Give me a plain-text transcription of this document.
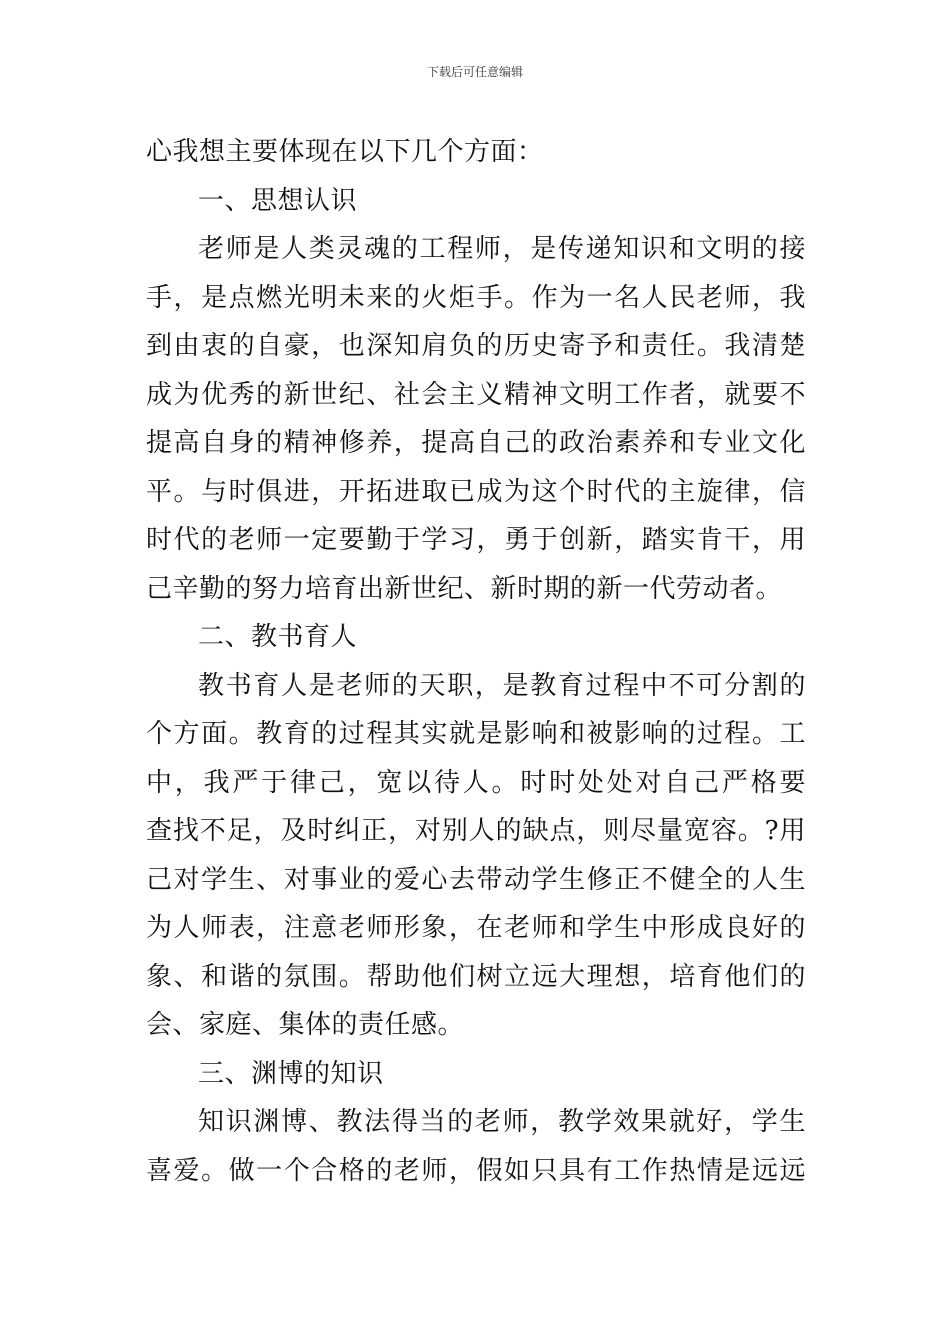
下载后可任意编辑
心我想主要体现在以下几个方面：
一、思想认识
老师是人类灵魂的工程师，是传递知识和文明的接
手，是点燃光明未来的火炬手。作为一名人民老师，我
到由衷的自豪，也深知肩负的历史寄予和责任。我清楚
成为优秀的新世纪、社会主义精神文明工作者，就要不
提高自身的精神修养，提高自己的政治素养和专业文化
平。与时俱进，开拓进取已成为这个时代的主旋律，信
时代的老师一定要勤于学习，勇于创新，踏实肯干，用
己辛勤的努力培育出新世纪、新时期的新一代劳动者。
二、教书育人
教书育人是老师的天职，是教育过程中不可分割的
个方面。教育的过程其实就是影响和被影响的过程。工
中，我严于律己，宽以待人。时时处处对自己严格要
查找不足，及时纠正，对别人的缺点，则尽量宽容。?用
己对学生、对事业的爱心去带动学生修正不健全的人生
为人师表，注意老师形象，在老师和学生中形成良好的
象、和谐的氛围。帮助他们树立远大理想，培育他们的
会、家庭、集体的责任感。
三、渊博的知识
知识渊博、教法得当的老师，教学效果就好，学生
喜爱。做一个合格的老师，假如只具有工作热情是远远
